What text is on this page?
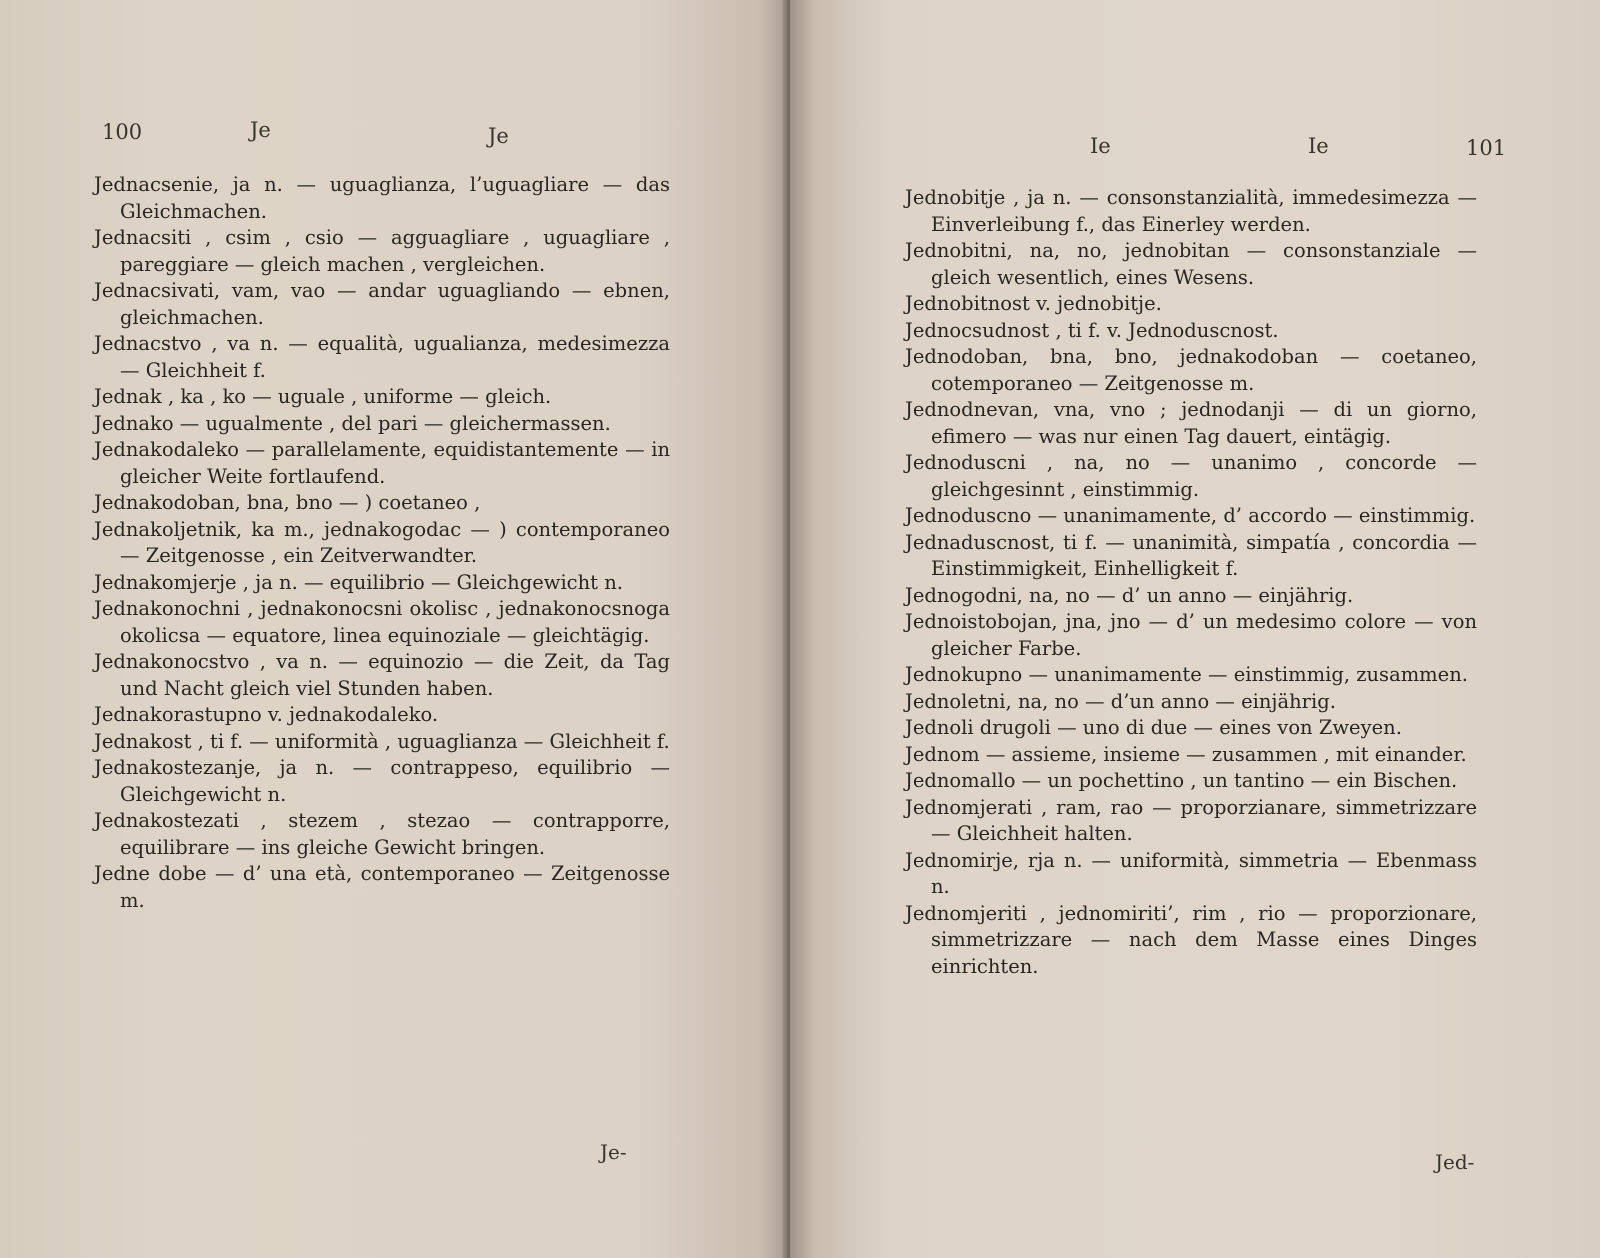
100	Je	Je

Jednacsenie, ja n. — uguaglianza, l’uguagliare — das Gleichmachen.

Jednacsiti , csim , csio — agguagliare , uguagliare , pareggiare — gleich machen , vergleichen.

Jednacsivati, vam, vao — andar uguagliando — ebnen, gleichmachen.

Jednacstvo , va n. — equalità, ugualianza, medesimezza — Gleichheit f.

Jednak , ka , ko — uguale , uniforme — gleich.

Jednako — ugualmente , del pari — gleichermassen.

Jednakodaleko — parallelamente, equidistantemente — in gleicher Weite fortlaufend.

Jednakodoban, bna, bno — ) coetaneo ,

Jednakoljetnik, ka m., jednakogodac — ) contemporaneo — Zeitgenosse , ein Zeitverwandter.

Jednakomjerje , ja n. — equilibrio — Gleichgewicht n.

Jednakonochni , jednakonocsni okolisc , jednakonocsnoga okolicsa — equatore, linea equinoziale — gleichtägig.

Jednakonocstvo , va n. — equinozio — die Zeit, da Tag und Nacht gleich viel Stunden haben.

Jednakorastupno v. jednakodaleko.

Jednakost , ti f. — uniformità , uguaglianza — Gleichheit f.

Jednakostezanje, ja n. — contrappeso, equilibrio — Gleichgewicht n.

Jednakostezati , stezem , stezao — contrapporre, equilibrare — ins gleiche Gewicht bringen.

Jedne dobe — d’ una età, contemporaneo — Zeitgenosse m.

Je-
Ie	Ie	101

Jednobitje , ja n. — consonstanzialità, immedesimezza — Einverleibung f., das Einerley werden.

Jednobitni, na, no, jednobitan — consonstanziale — gleich wesentlich, eines Wesens.

Jednobitnost v. jednobitje.

Jednocsudnost , ti f. v. Jednoduscnost.

Jednodoban, bna, bno, jednakodoban — coetaneo, cotemporaneo — Zeitgenosse m.

Jednodnevan, vna, vno ; jednodanji — di un giorno, efimero — was nur einen Tag dauert, eintägig.

Jednoduscni , na, no — unanimo , concorde — gleichgesinnt , einstimmig.

Jednoduscno — unanimamente, d’ accordo — einstimmig.

Jednaduscnost, ti f. — unanimità, simpatía , concordia — Einstimmigkeit, Einhelligkeit f.

Jednogodni, na, no — d’ un anno — einjährig.

Jednoistobojan, jna, jno — d’ un medesimo colore — von gleicher Farbe.

Jednokupno — unanimamente — einstimmig, zusammen.

Jednoletni, na, no — d’un anno — einjährig.

Jednoli drugoli — uno di due — eines von Zweyen.

Jednom — assieme, insieme — zusammen , mit einander.

Jednomallo — un pochettino , un tantino — ein Bischen.

Jednomjerati , ram, rao — proporzianare, simmetrizzare — Gleichheit halten.

Jednomirje, rja n. — uniformità, simmetria — Ebenmass n.

Jednomjeriti , jednomiriti’, rim , rio — proporzionare, simmetrizzare — nach dem Masse eines Dinges einrichten.

Jed-
